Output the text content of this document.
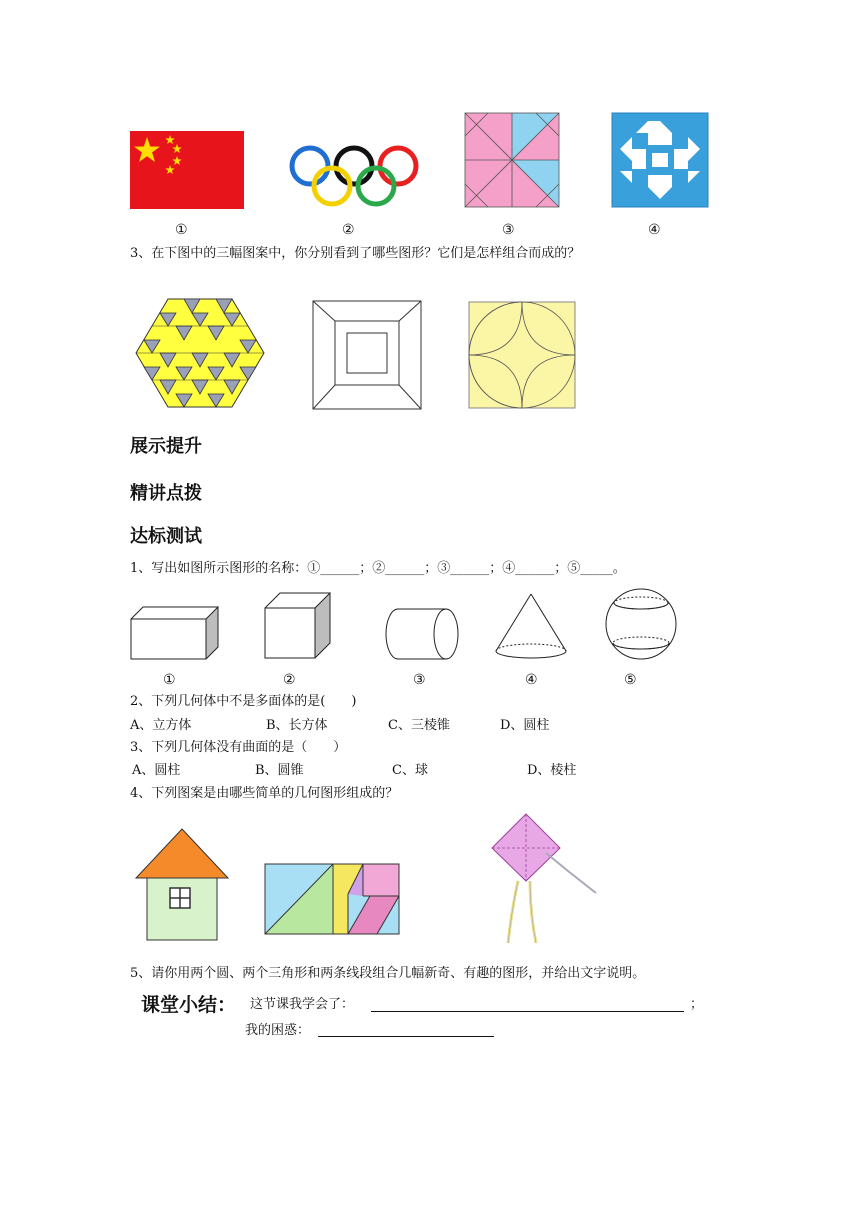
①	②	③	④
3、在下图中的三幅图案中，你分别看到了哪些图形？它们是怎样组合而成的？
展示提升
精讲点拨
达标测试
1、写出如图所示图形的名称：①______；②______；③______；④______；⑤_____。
①	②	③	④	⑤
2、下列几何体中不是多面体的是(　　)
A、立方体	B、长方体	C、三棱锥	D、圆柱
3、下列几何体没有曲面的是（　　）
A、圆柱	B、圆锥	C、球	D、棱柱
4、下列图案是由哪些简单的几何图形组成的？
5、请你用两个圆、两个三角形和两条线段组合几幅新奇、有趣的图形，并给出文字说明。
课堂小结： 这节课我学会了：	；
我的困惑：
